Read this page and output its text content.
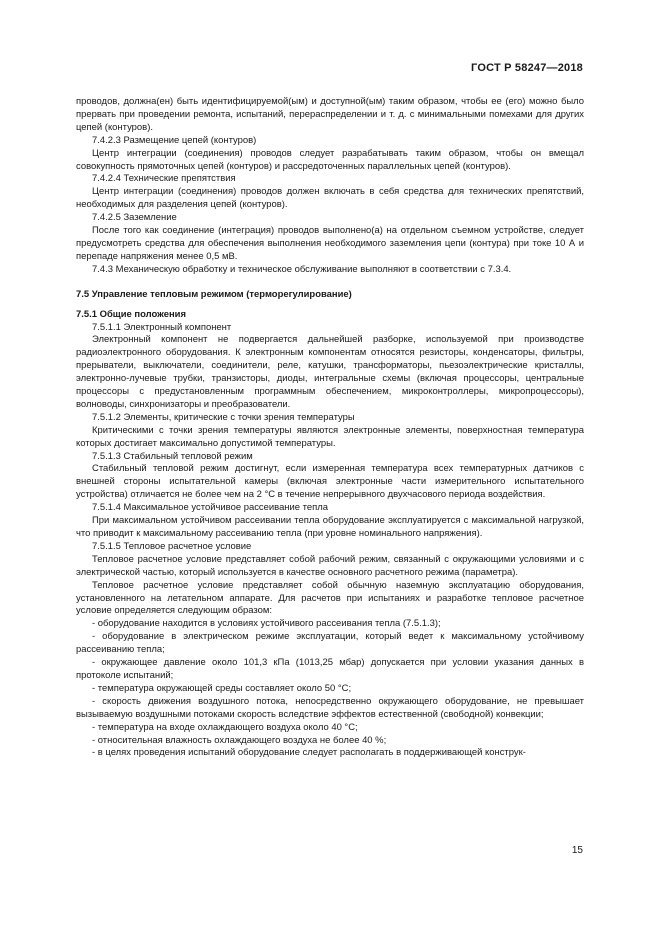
ГОСТ Р 58247—2018

проводов, должна(ен) быть идентифицируемой(ым) и доступной(ым) таким образом, чтобы ее (его) можно было прервать при проведении ремонта, испытаний, перераспределении и т. д. с минимальными помехами для других цепей (контуров).

7.4.2.3 Размещение цепей (контуров)

Центр интеграции (соединения) проводов следует разрабатывать таким образом, чтобы он вмещал совокупность прямоточных цепей (контуров) и рассредоточенных параллельных цепей (контуров).

7.4.2.4 Технические препятствия

Центр интеграции (соединения) проводов должен включать в себя средства для технических препятствий, необходимых для разделения цепей (контуров).

7.4.2.5 Заземление

После того как соединение (интеграция) проводов выполнено(а) на отдельном съемном устройстве, следует предусмотреть средства для обеспечения выполнения необходимого заземления цепи (контура) при токе 10 А и перепаде напряжения менее 0,5 мВ.

7.4.3 Механическую обработку и техническое обслуживание выполняют в соответствии с 7.3.4.

7.5 Управление тепловым режимом (терморегулирование)

7.5.1 Общие положения

7.5.1.1 Электронный компонент

Электронный компонент не подвергается дальнейшей разборке, используемой при производстве радиоэлектронного оборудования. К электронным компонентам относятся резисторы, конденсаторы, фильтры, прерыватели, выключатели, соединители, реле, катушки, трансформаторы, пьезоэлектрические кристаллы, электронно-лучевые трубки, транзисторы, диоды, интегральные схемы (включая процессоры, центральные процессоры с предустановленным программным обеспечением, микроконтроллеры, микропроцессоры), волноводы, синхронизаторы и преобразователи.

7.5.1.2 Элементы, критические с точки зрения температуры

Критическими с точки зрения температуры являются электронные элементы, поверхностная температура которых достигает максимально допустимой температуры.

7.5.1.3 Стабильный тепловой режим

Стабильный тепловой режим достигнут, если измеренная температура всех температурных датчиков с внешней стороны испытательной камеры (включая электронные части измерительного испытательного устройства) отличается не более чем на 2 °С в течение непрерывного двухчасового периода воздействия.

7.5.1.4 Максимальное устойчивое рассеивание тепла

При максимальном устойчивом рассеивании тепла оборудование эксплуатируется с максимальной нагрузкой, что приводит к максимальному рассеиванию тепла (при уровне номинального напряжения).

7.5.1.5 Тепловое расчетное условие

Тепловое расчетное условие представляет собой рабочий режим, связанный с окружающими условиями и с электрической частью, который используется в качестве основного расчетного режима (параметра).

Тепловое расчетное условие представляет собой обычную наземную эксплуатацию оборудования, установленного на летательном аппарате. Для расчетов при испытаниях и разработке тепловое расчетное условие определяется следующим образом:

- оборудование находится в условиях устойчивого рассеивания тепла (7.5.1.3);

- оборудование в электрическом режиме эксплуатации, который ведет к максимальному устойчивому рассеиванию тепла;

- окружающее давление около 101,3 кПа (1013,25 мбар) допускается при условии указания данных в протоколе испытаний;

- температура окружающей среды составляет около 50 °С;

- скорость движения воздушного потока, непосредственно окружающего оборудование, не превышает вызываемую воздушными потоками скорость вследствие эффектов естественной (свободной) конвекции;

- температура на входе охлаждающего воздуха около 40 °С;

- относительная влажность охлаждающего воздуха не более 40 %;

- в целях проведения испытаний оборудование следует располагать в поддерживающей конструк-

15
